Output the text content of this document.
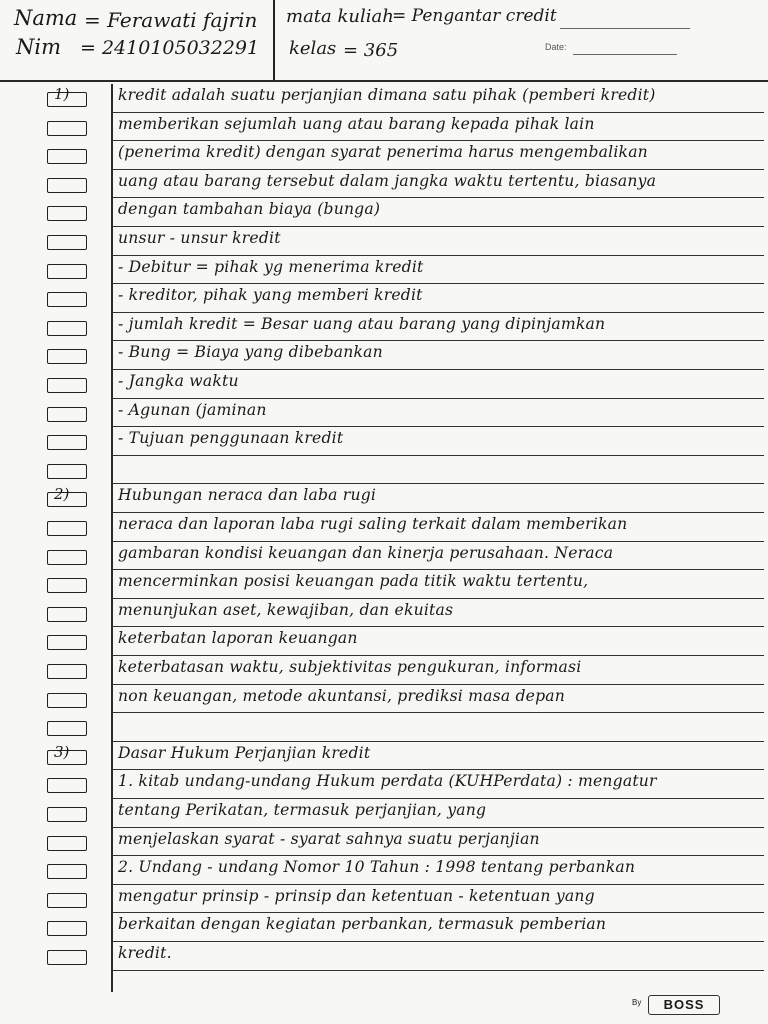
Nama = Ferawati fajrin
Nim = 2410105032291
mata kuliah
= Pengantar credit
kelas = 365	Date:
1)	kredit adalah suatu perjanjian dimana satu pihak (pemberi kredit)
memberikan sejumlah uang atau barang kepada pihak lain
(penerima kredit) dengan syarat penerima harus mengembalikan
uang atau barang tersebut dalam jangka waktu tertentu, biasanya
dengan tambahan biaya (bunga)
unsur - unsur kredit
- Debitur = pihak yg menerima kredit
- kreditor, pihak yang memberi kredit
- jumlah kredit = Besar uang atau barang yang dipinjamkan
- Bung = Biaya yang dibebankan
- Jangka waktu
- Agunan (jaminan
- Tujuan penggunaan kredit
2)	Hubungan neraca dan laba rugi
neraca dan laporan laba rugi saling terkait dalam memberikan
gambaran kondisi keuangan dan kinerja perusahaan. Neraca
mencerminkan posisi keuangan pada titik waktu tertentu,
menunjukan aset, kewajiban, dan ekuitas
keterbatan laporan keuangan
keterbatasan waktu, subjektivitas pengukuran, informasi
non keuangan, metode akuntansi, prediksi masa depan
3)	Dasar Hukum Perjanjian kredit
1. kitab undang-undang Hukum perdata (KUHPerdata) : mengatur
tentang Perikatan, termasuk perjanjian, yang
menjelaskan syarat - syarat sahnya suatu perjanjian
2. Undang - undang Nomor 10 Tahun : 1998 tentang perbankan
mengatur prinsip - prinsip dan ketentuan - ketentuan yang
berkaitan dengan kegiatan perbankan, termasuk pemberian
kredit.
By	BOSS
